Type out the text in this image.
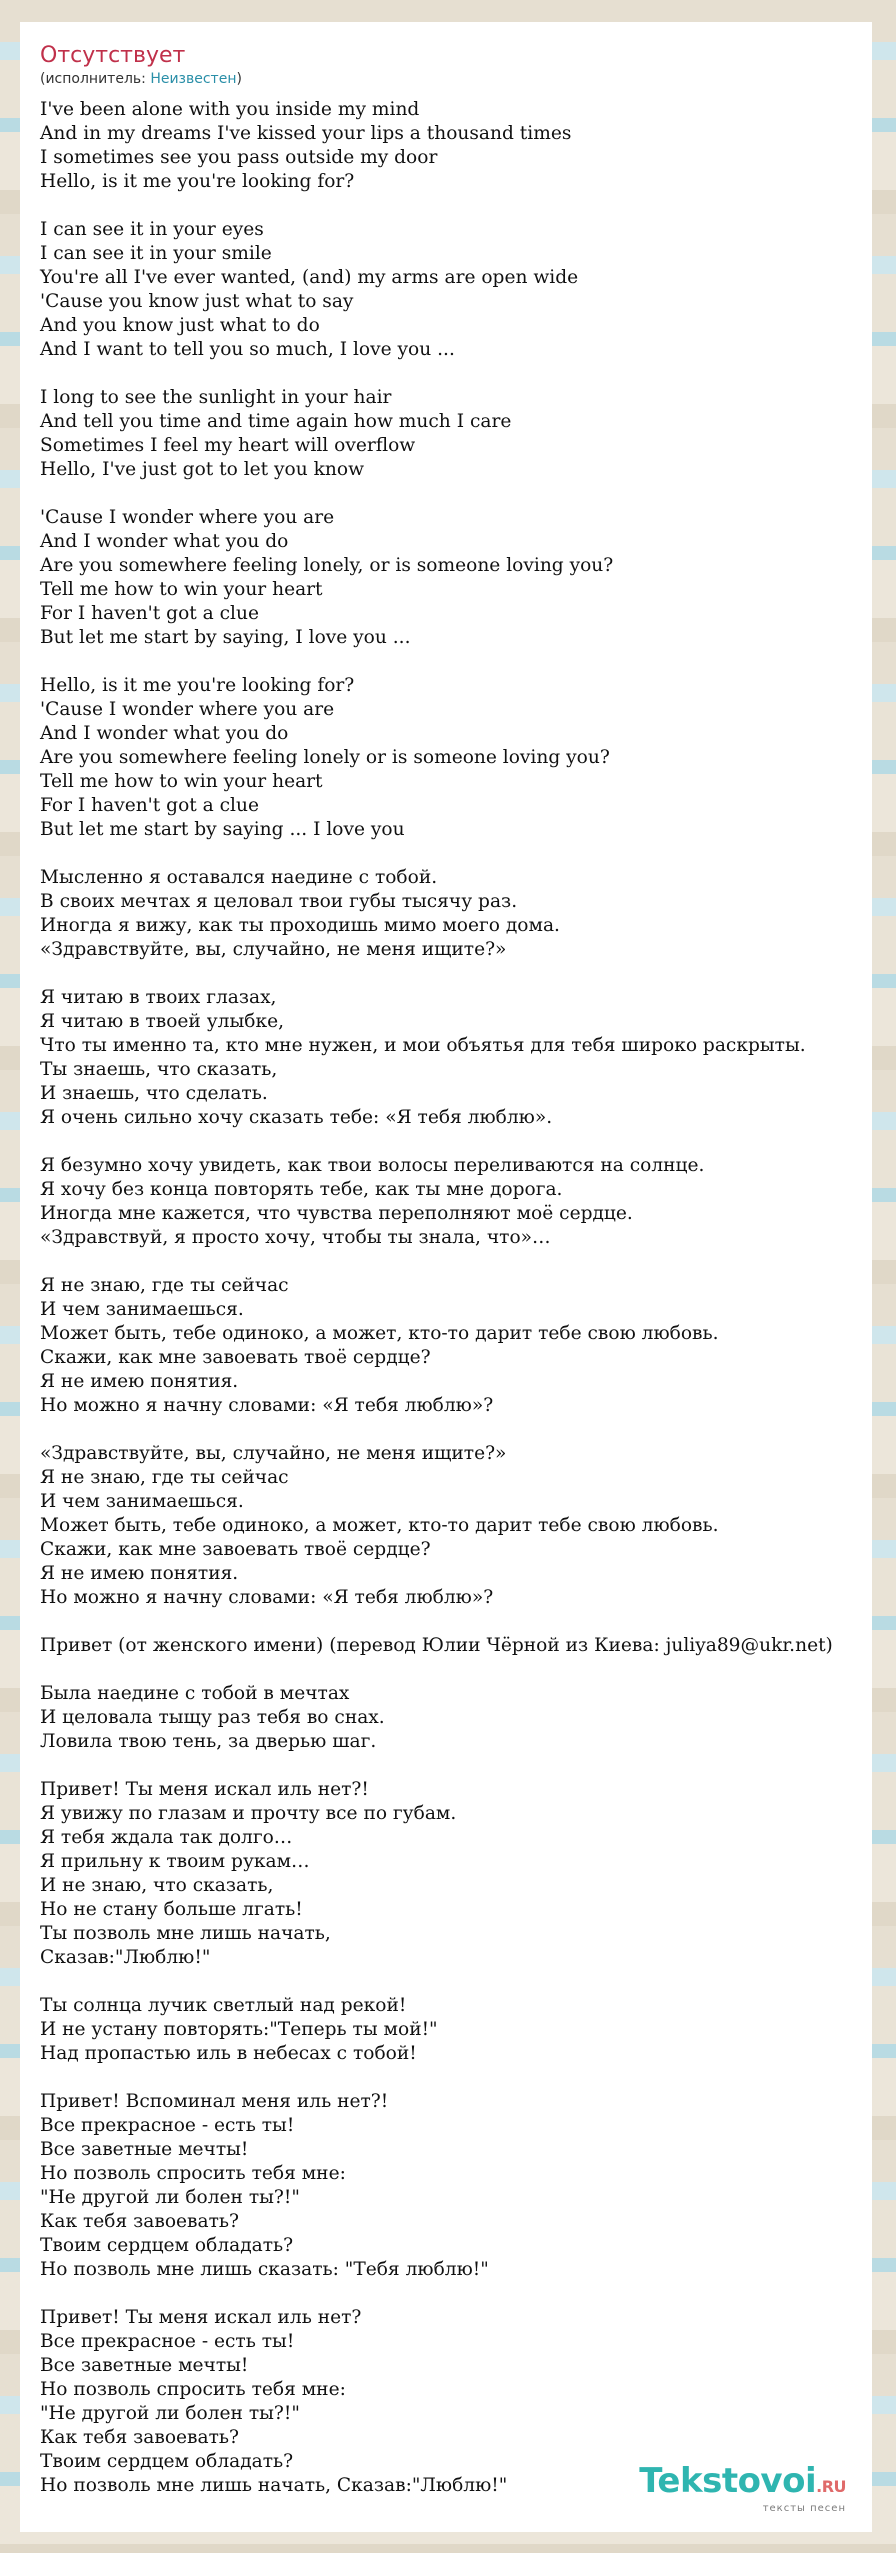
Отсутствует
(исполнитель: Неизвестен)
I've been alone with you inside my mind
And in my dreams I've kissed your lips a thousand times
I sometimes see you pass outside my door
Hello, is it me you're looking for?
I can see it in your eyes
I can see it in your smile
You're all I've ever wanted, (and) my arms are open wide
'Cause you know just what to say
And you know just what to do
And I want to tell you so much, I love you ...
I long to see the sunlight in your hair
And tell you time and time again how much I care
Sometimes I feel my heart will overflow
Hello, I've just got to let you know
'Cause I wonder where you are
And I wonder what you do
Are you somewhere feeling lonely, or is someone loving you?
Tell me how to win your heart
For I haven't got a clue
But let me start by saying, I love you ...
Hello, is it me you're looking for?
'Cause I wonder where you are
And I wonder what you do
Are you somewhere feeling lonely or is someone loving you?
Tell me how to win your heart
For I haven't got a clue
But let me start by saying ... I love you
Мысленно я оставался наедине с тобой.
В своих мечтах я целовал твои губы тысячу раз.
Иногда я вижу, как ты проходишь мимо моего дома.
«Здравствуйте, вы, случайно, не меня ищите?»
Я читаю в твоих глазах,
Я читаю в твоей улыбке,
Что ты именно та, кто мне нужен, и мои объятья для тебя широко раскрыты.
Ты знаешь, что сказать,
И знаешь, что сделать.
Я очень сильно хочу сказать тебе: «Я тебя люблю».
Я безумно хочу увидеть, как твои волосы переливаются на солнце.
Я хочу без конца повторять тебе, как ты мне дорога.
Иногда мне кажется, что чувства переполняют моё сердце.
«Здравствуй, я просто хочу, чтобы ты знала, что»…
Я не знаю, где ты сейчас
И чем занимаешься.
Может быть, тебе одиноко, а может, кто-то дарит тебе свою любовь.
Скажи, как мне завоевать твоё сердце?
Я не имею понятия.
Но можно я начну словами: «Я тебя люблю»?
«Здравствуйте, вы, случайно, не меня ищите?»
Я не знаю, где ты сейчас
И чем занимаешься.
Может быть, тебе одиноко, а может, кто-то дарит тебе свою любовь.
Скажи, как мне завоевать твоё сердце?
Я не имею понятия.
Но можно я начну словами: «Я тебя люблю»?
Привет (от женского имени) (перевод Юлии Чёрной из Киева: juliya89@ukr.net)
Была наедине с тобой в мечтах
И целовала тыщу раз тебя во снах.
Ловила твою тень, за дверью шаг.
Привет! Ты меня искал иль нет?!
Я увижу по глазам и прочту все по губам.
Я тебя ждала так долго…
Я прильну к твоим рукам…
И не знаю, что сказать,
Но не стану больше лгать!
Ты позволь мне лишь начать,
Сказав:"Люблю!"
Ты солнца лучик светлый над рекой!
И не устану повторять:"Теперь ты мой!"
Над пропастью иль в небесах с тобой!
Привет! Вспоминал меня иль нет?!
Все прекрасное - есть ты!
Все заветные мечты!
Но позволь спросить тебя мне:
"Не другой ли болен ты?!"
Как тебя завоевать?
Твоим сердцем обладать?
Но позволь мне лишь сказать: "Тебя люблю!"
Привет! Ты меня искал иль нет?
Все прекрасное - есть ты!
Все заветные мечты!
Но позволь спросить тебя мне:
"Не другой ли болен ты?!"
Как тебя завоевать?
Твоим сердцем обладать?
Но позволь мне лишь начать, Сказав:"Люблю!"	Tekstovoi.RU
тексты песен
